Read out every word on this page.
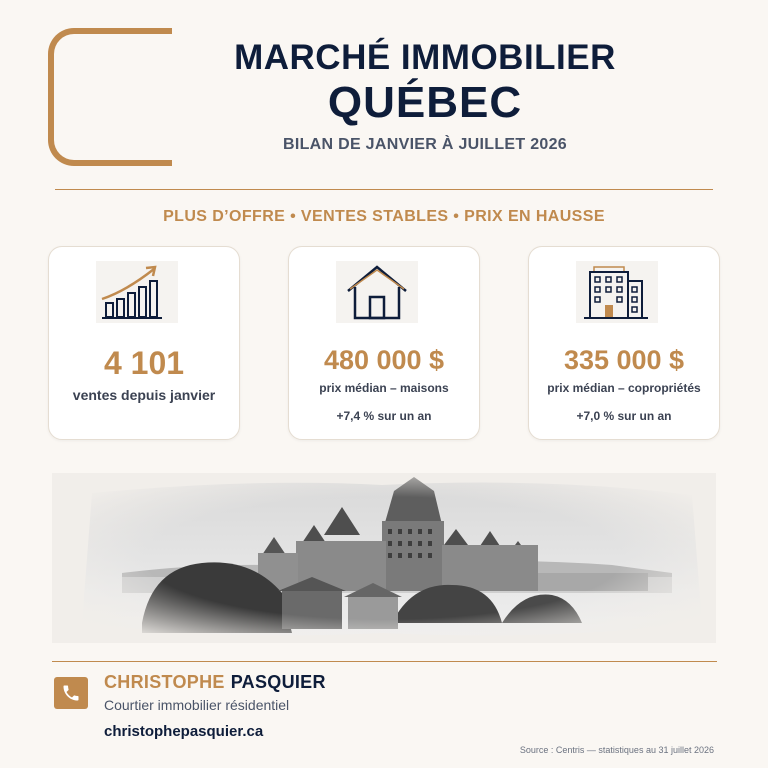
MARCHÉ IMMOBILIER
QUÉBEC
BILAN DE JANVIER À JUILLET 2026
PLUS D’OFFRE • VENTES STABLES • PRIX EN HAUSSE
4 101
ventes depuis janvier
480 000 $
prix médian – maisons
+7,4 % sur un an
335 000 $
prix médian – copropriétés
+7,0 % sur un an
CHRISTOPHE PASQUIER
Courtier immobilier résidentiel
christophepasquier.ca
Source : Centris — statistiques au 31 juillet 2026
